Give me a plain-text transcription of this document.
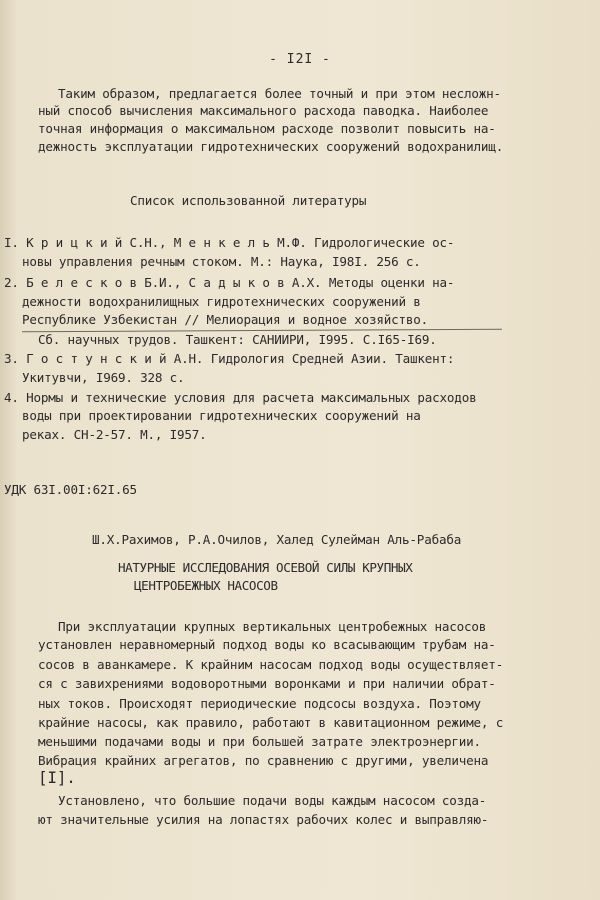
- I2I -
Таким образом, предлагается более точный и при этом несложн-
ный способ вычисления максимального расхода паводка. Наиболее
точная информация о максимальном расходе позволит повысить на-
дежность эксплуатации гидротехнических сооружений водохранилищ.
Список использованной литературы
I. К р и ц к и й С.Н., М е н к е л ь М.Ф. Гидрологические ос-
новы управления речным стоком. М.: Наука, I98I. 256 с.
2. Б е л е с к о в Б.И., С а д ы к о в А.Х. Методы оценки на-
дежности водохранилищных гидротехнических сооружений в
Республике Узбекистан // Мелиорация и водное хозяйство.
Сб. научных трудов. Ташкент: САНИИРИ, I995. С.I65-I69.
3. Г о с т у н с к и й А.Н. Гидрология Средней Азии. Ташкент:
Укитувчи, I969. 328 с.
4. Нормы и технические условия для расчета максимальных расходов
воды при проектировании гидротехнических сооружений на
реках. СН-2-57. М., I957.
УДК 63I.00I:62I.65
Ш.Х.Рахимов, Р.А.Очилов, Халед Сулейман Аль-Рабаба
НАТУРНЫЕ ИССЛЕДОВАНИЯ ОСЕВОЙ СИЛЫ КРУПНЫХ
ЦЕНТРОБЕЖНЫХ НАСОСОВ
При эксплуатации крупных вертикальных центробежных насосов
установлен неравномерный подход воды ко всасывающим трубам на-
сосов в аванкамере. К крайним насосам подход воды осуществляет-
ся с завихрениями водоворотными воронками и при наличии обрат-
ных токов. Происходят периодические подсосы воздуха. Поэтому
крайние насосы, как правило, работают в кавитационном режиме, с
меньшими подачами воды и при большей затрате электроэнергии.
Вибрация крайних агрегатов, по сравнению с другими, увеличена
[I].
Установлено, что большие подачи воды каждым насосом созда-
ют значительные усилия на лопастях рабочих колес и выправляю-
